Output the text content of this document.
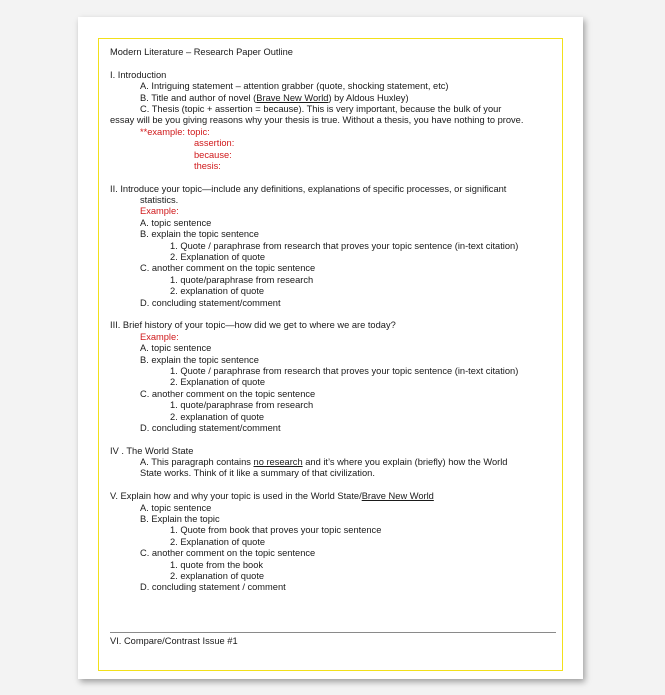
Modern Literature – Research Paper Outline
I. Introduction
A. Intriguing statement – attention grabber (quote, shocking statement, etc)
B. Title and author of novel (Brave New World) by Aldous Huxley)
C. Thesis (topic + assertion = because). This is very important, because the bulk of your
essay will be you giving reasons why your thesis is true. Without a thesis, you have nothing to prove.
**example: topic:
assertion:
because:
thesis:
II. Introduce your topic—include any definitions, explanations of specific processes, or significant
statistics.
Example:
A. topic sentence
B. explain the topic sentence
1. Quote / paraphrase from research that proves your topic sentence (in-text citation)
2. Explanation of quote
C. another comment on the topic sentence
1. quote/paraphrase from research
2. explanation of quote
D. concluding statement/comment
III. Brief history of your topic—how did we get to where we are today?
Example:
A. topic sentence
B. explain the topic sentence
1. Quote / paraphrase from research that proves your topic sentence (in-text citation)
2. Explanation of quote
C. another comment on the topic sentence
1. quote/paraphrase from research
2. explanation of quote
D. concluding statement/comment
IV . The World State
A. This paragraph contains no research and it’s where you explain (briefly) how the World
State works. Think of it like a summary of that civilization.
V. Explain how and why your topic is used in the World State/Brave New World
A. topic sentence
B. Explain the topic
1. Quote from book that proves your topic sentence
2. Explanation of quote
C. another comment on the topic sentence
1. quote from the book
2. explanation of quote
D. concluding statement / comment
VI. Compare/Contrast Issue #1
